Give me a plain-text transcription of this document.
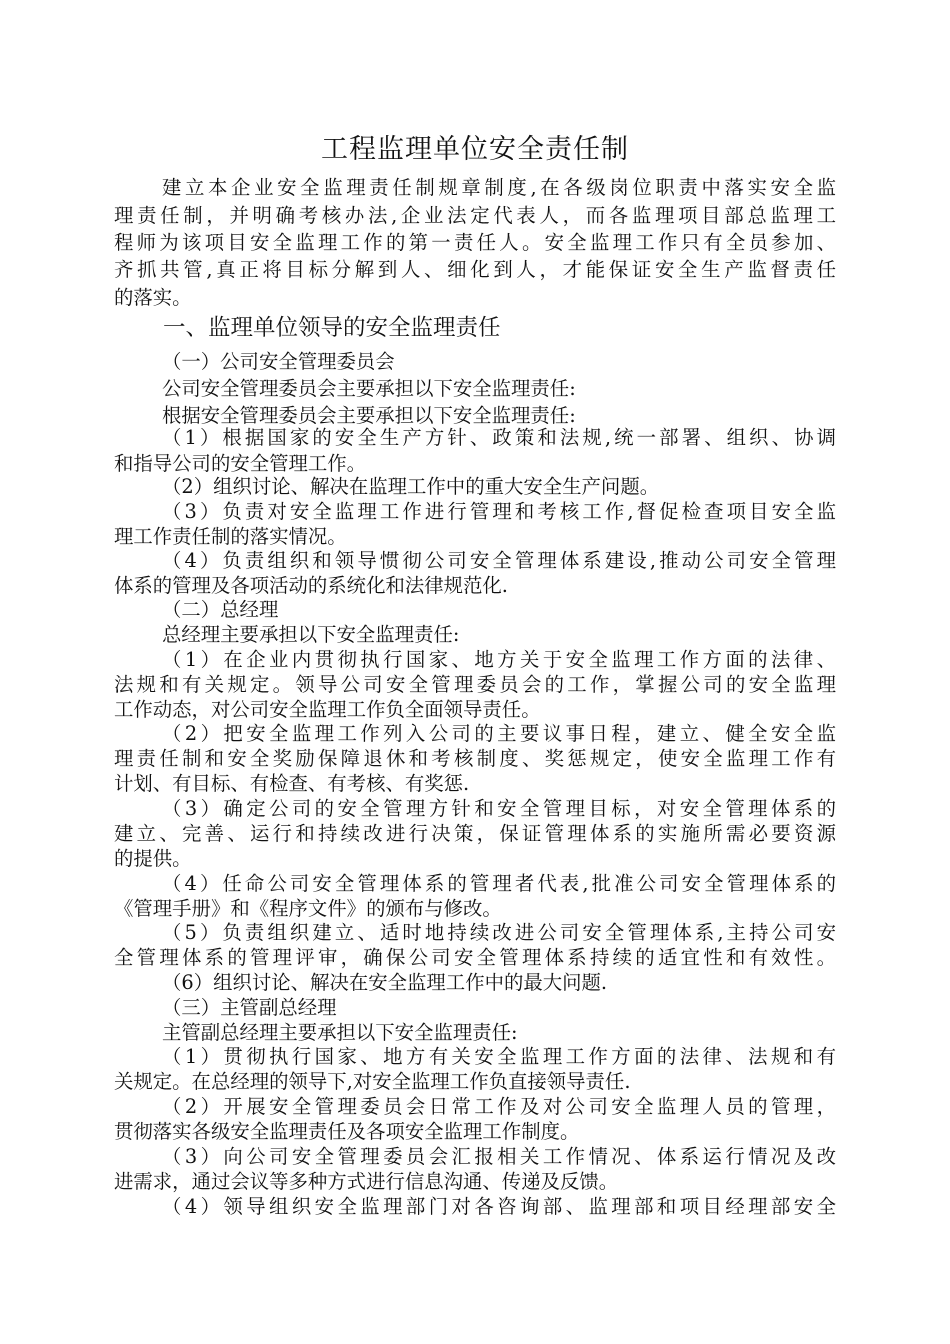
工程监理单位安全责任制
建立本企业安全监理责任制规章制度,在各级岗位职责中落实安全监
理责任制，并明确考核办法,企业法定代表人，而各监理项目部总监理工
程师为该项目安全监理工作的第一责任人。安全监理工作只有全员参加、
齐抓共管,真正将目标分解到人、细化到人，才能保证安全生产监督责任
的落实。
一、监理单位领导的安全监理责任
（一）公司安全管理委员会
公司安全管理委员会主要承担以下安全监理责任:
根据安全管理委员会主要承担以下安全监理责任:
（1）根据国家的安全生产方针、政策和法规,统一部署、组织、协调
和指导公司的安全管理工作。
（2）组织讨论、解决在监理工作中的重大安全生产问题。
（3）负责对安全监理工作进行管理和考核工作,督促检查项目安全监
理工作责任制的落实情况。
（4）负责组织和领导惯彻公司安全管理体系建设,推动公司安全管理
体系的管理及各项活动的系统化和法律规范化.
（二）总经理
总经理主要承担以下安全监理责任:
（1）在企业内贯彻执行国家、地方关于安全监理工作方面的法律、
法规和有关规定。领导公司安全管理委员会的工作，掌握公司的安全监理
工作动态，对公司安全监理工作负全面领导责任。
（2）把安全监理工作列入公司的主要议事日程，建立、健全安全监
理责任制和安全奖励保障退休和考核制度、奖惩规定，使安全监理工作有
计划、有目标、有检查、有考核、有奖惩.
（3）确定公司的安全管理方针和安全管理目标，对安全管理体系的
建立、完善、运行和持续改进行决策，保证管理体系的实施所需必要资源
的提供。
（4）任命公司安全管理体系的管理者代表,批准公司安全管理体系的
《管理手册》和《程序文件》的颁布与修改。
（5）负责组织建立、适时地持续改进公司安全管理体系,主持公司安
全管理体系的管理评审，确保公司安全管理体系持续的适宜性和有效性。
（6）组织讨论、解决在安全监理工作中的最大问题.
（三）主管副总经理
主管副总经理主要承担以下安全监理责任:
（1）贯彻执行国家、地方有关安全监理工作方面的法律、法规和有
关规定。在总经理的领导下,对安全监理工作负直接领导责任.
（2）开展安全管理委员会日常工作及对公司安全监理人员的管理，
贯彻落实各级安全监理责任及各项安全监理工作制度。
（3）向公司安全管理委员会汇报相关工作情况、体系运行情况及改
进需求，通过会议等多种方式进行信息沟通、传递及反馈。
（4）领导组织安全监理部门对各咨询部、监理部和项目经理部安全
